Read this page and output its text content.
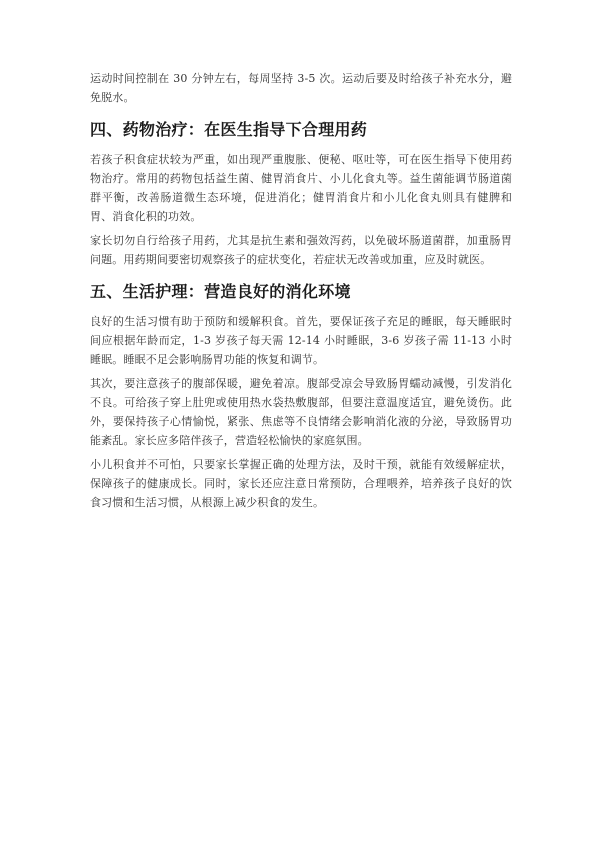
运动时间控制在 30 分钟左右，每周坚持 3-5 次。运动后要及时给孩子补充水分，避免脱水。

四、药物治疗：在医生指导下合理用药

若孩子积食症状较为严重，如出现严重腹胀、便秘、呕吐等，可在医生指导下使用药物治疗。常用的药物包括益生菌、健胃消食片、小儿化食丸等。益生菌能调节肠道菌群平衡，改善肠道微生态环境，促进消化；健胃消食片和小儿化食丸则具有健脾和胃、消食化积的功效。

家长切勿自行给孩子用药，尤其是抗生素和强效泻药，以免破坏肠道菌群，加重肠胃问题。用药期间要密切观察孩子的症状变化，若症状无改善或加重，应及时就医。

五、生活护理：营造良好的消化环境

良好的生活习惯有助于预防和缓解积食。首先，要保证孩子充足的睡眠，每天睡眠时间应根据年龄而定，1-3 岁孩子每天需 12-14 小时睡眠，3-6 岁孩子需 11-13 小时睡眠。睡眠不足会影响肠胃功能的恢复和调节。

其次，要注意孩子的腹部保暖，避免着凉。腹部受凉会导致肠胃蠕动减慢，引发消化不良。可给孩子穿上肚兜或使用热水袋热敷腹部，但要注意温度适宜，避免烫伤。此外，要保持孩子心情愉悦，紧张、焦虑等不良情绪会影响消化液的分泌，导致肠胃功能紊乱。家长应多陪伴孩子，营造轻松愉快的家庭氛围。

小儿积食并不可怕，只要家长掌握正确的处理方法，及时干预，就能有效缓解症状，保障孩子的健康成长。同时，家长还应注意日常预防，合理喂养，培养孩子良好的饮食习惯和生活习惯，从根源上减少积食的发生。
